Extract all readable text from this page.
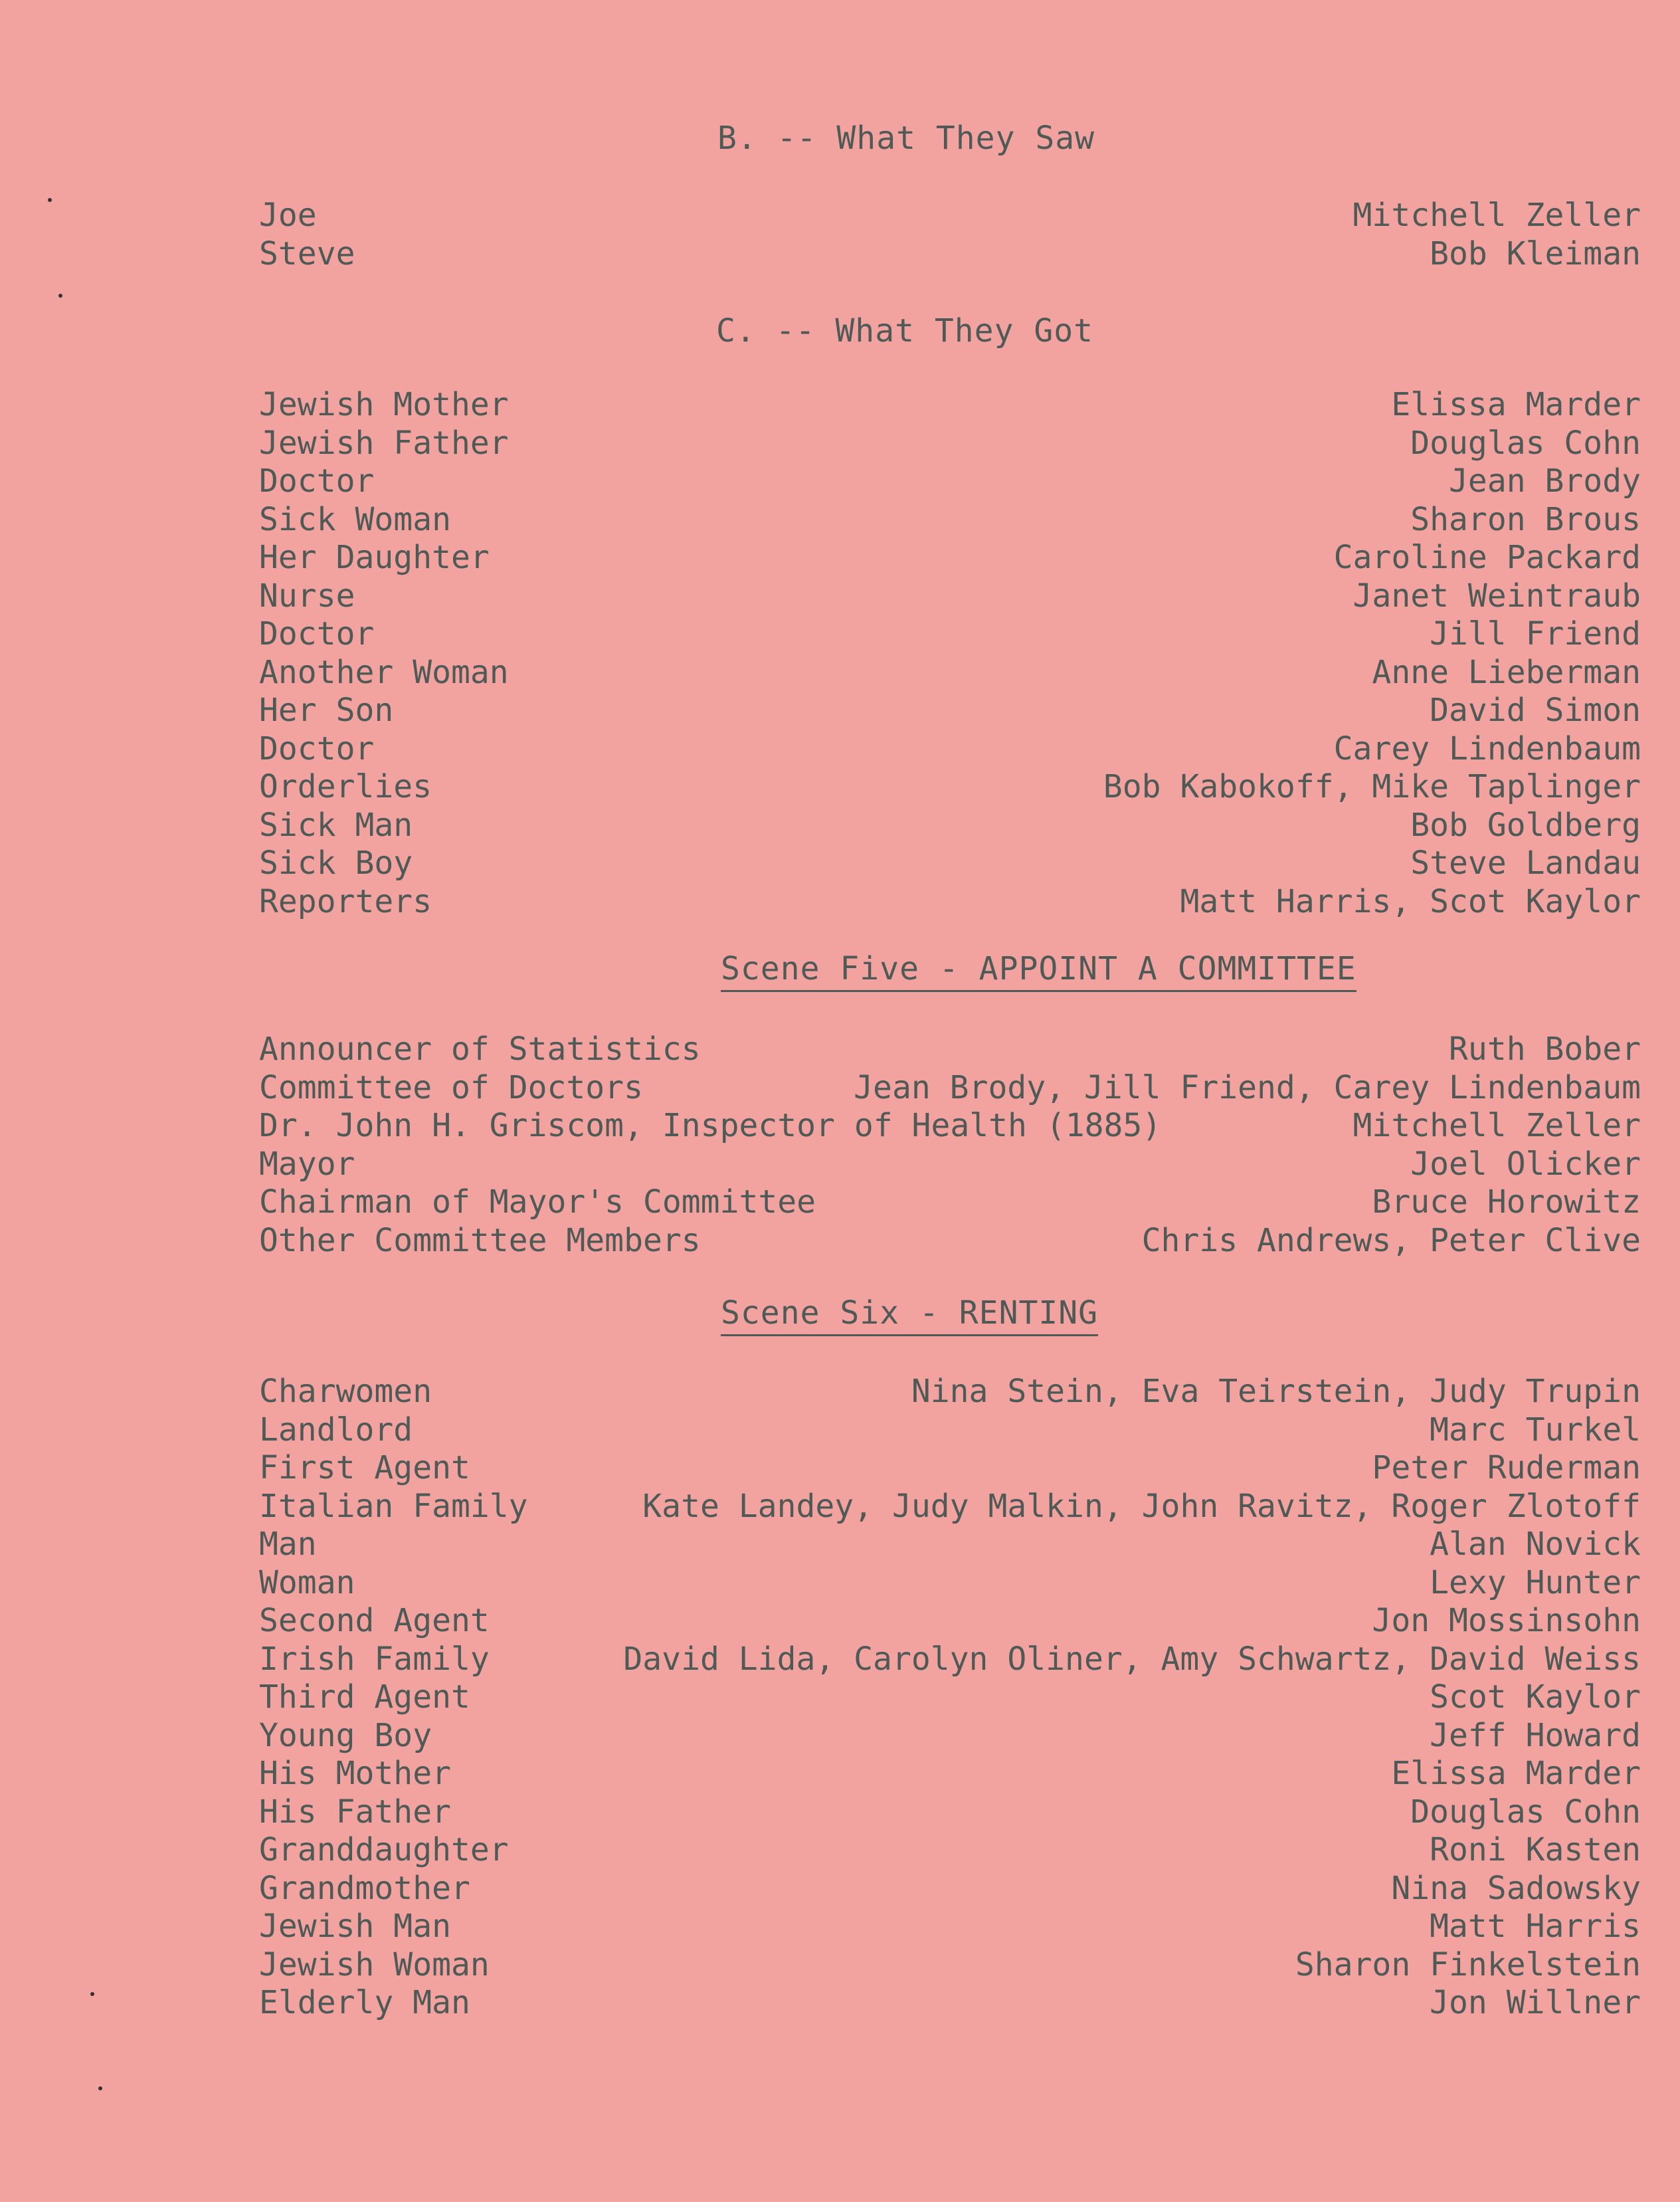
B. -- What They Saw
Joe	Mitchell Zeller
Steve	Bob Kleiman
C. -- What They Got
Jewish Mother	Elissa Marder
Jewish Father	Douglas Cohn
Doctor	Jean Brody
Sick Woman	Sharon Brous
Her Daughter	Caroline Packard
Nurse	Janet Weintraub
Doctor	Jill Friend
Another Woman	Anne Lieberman
Her Son	David Simon
Doctor	Carey Lindenbaum
Orderlies	Bob Kabokoff, Mike Taplinger
Sick Man	Bob Goldberg
Sick Boy	Steve Landau
Reporters	Matt Harris, Scot Kaylor
Scene Five - APPOINT A COMMITTEE
Announcer of Statistics	Ruth Bober
Committee of Doctors	Jean Brody, Jill Friend, Carey Lindenbaum
Dr. John H. Griscom, Inspector of Health (1885)	Mitchell Zeller
Mayor	Joel Olicker
Chairman of Mayor's Committee	Bruce Horowitz
Other Committee Members	Chris Andrews, Peter Clive
Scene Six - RENTING
Charwomen	Nina Stein, Eva Teirstein, Judy Trupin
Landlord	Marc Turkel
First Agent	Peter Ruderman
Italian Family	Kate Landey, Judy Malkin, John Ravitz, Roger Zlotoff
Man	Alan Novick
Woman	Lexy Hunter
Second Agent	Jon Mossinsohn
Irish Family	David Lida, Carolyn Oliner, Amy Schwartz, David Weiss
Third Agent	Scot Kaylor
Young Boy	Jeff Howard
His Mother	Elissa Marder
His Father	Douglas Cohn
Granddaughter	Roni Kasten
Grandmother	Nina Sadowsky
Jewish Man	Matt Harris
Jewish Woman	Sharon Finkelstein
Elderly Man	Jon Willner
